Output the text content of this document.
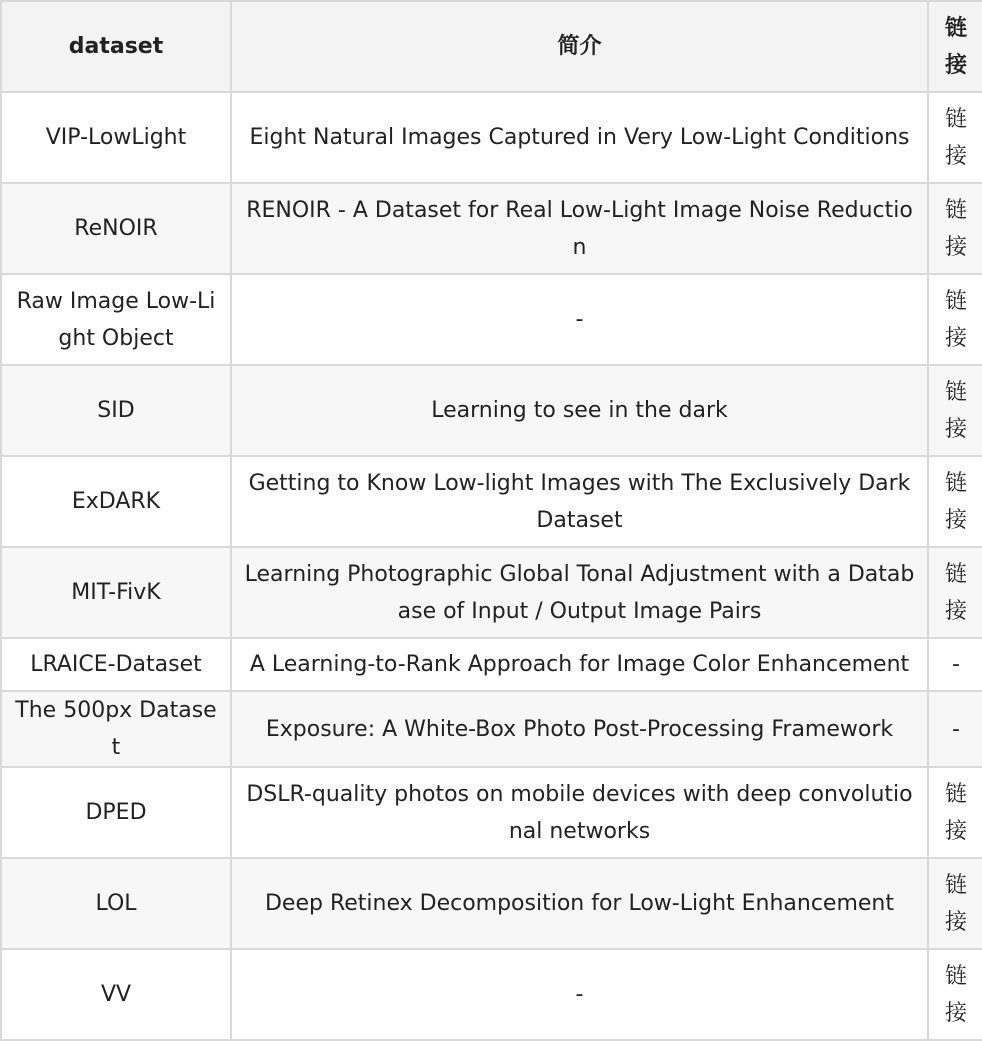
dataset	简介	链接
VIP-LowLight	Eight Natural Images Captured in Very Low-Light Conditions	链接
ReNOIR	RENOIR - A Dataset for Real Low-Light Image Noise Reduction	链接
Raw Image Low-Light Object	-	链接
SID	Learning to see in the dark	链接
ExDARK	Getting to Know Low-light Images with The Exclusively Dark Dataset	链接
MIT-FivK	Learning Photographic Global Tonal Adjustment with a Database of Input / Output Image Pairs	链接
LRAICE-Dataset	A Learning-to-Rank Approach for Image Color Enhancement	-
The 500px Dataset	Exposure: A White-Box Photo Post-Processing Framework	-
DPED	DSLR-quality photos on mobile devices with deep convolutional networks	链接
LOL	Deep Retinex Decomposition for Low-Light Enhancement	链接
VV	-	链接
